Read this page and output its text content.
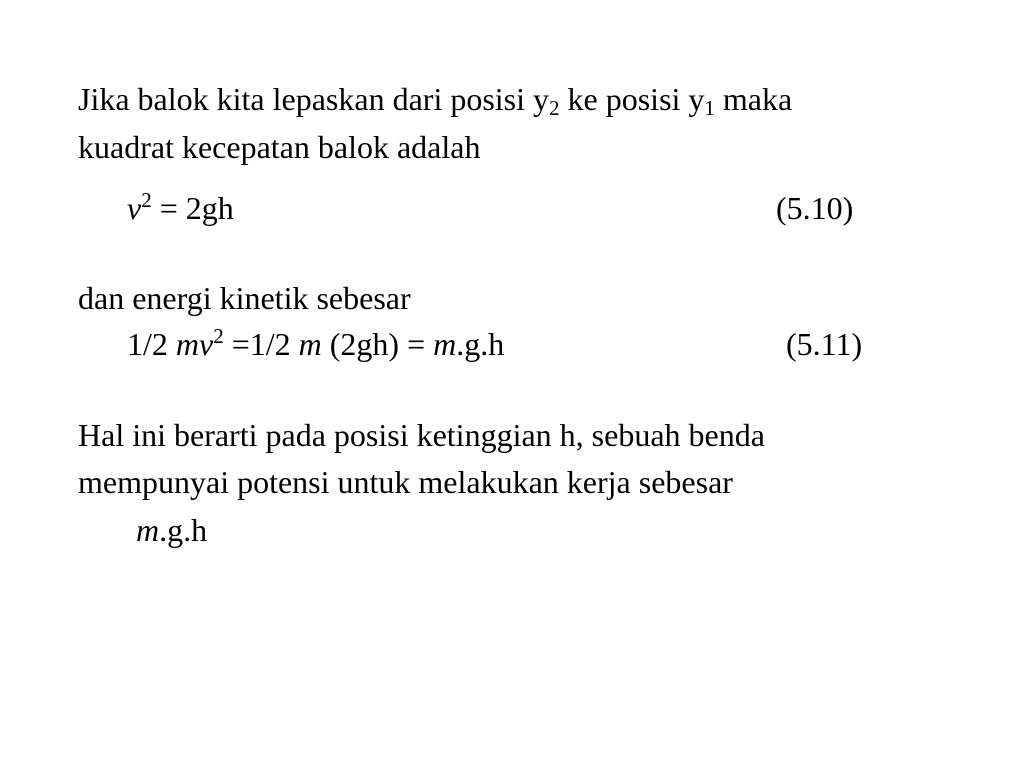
Jika balok kita lepaskan dari posisi $y_2$ ke posisi $y_1$ maka
kuadrat kecepatan balok adalah
$v^2 = 2gh$	(5.10)
dan energi kinetik sebesar
1/2 $mv^2 =1/2$ m (2gh) = m.g.h	(5.11)
Hal ini berarti pada posisi ketinggian h, sebuah benda
mempunyai potensi untuk melakukan kerja sebesar
m.g.h
